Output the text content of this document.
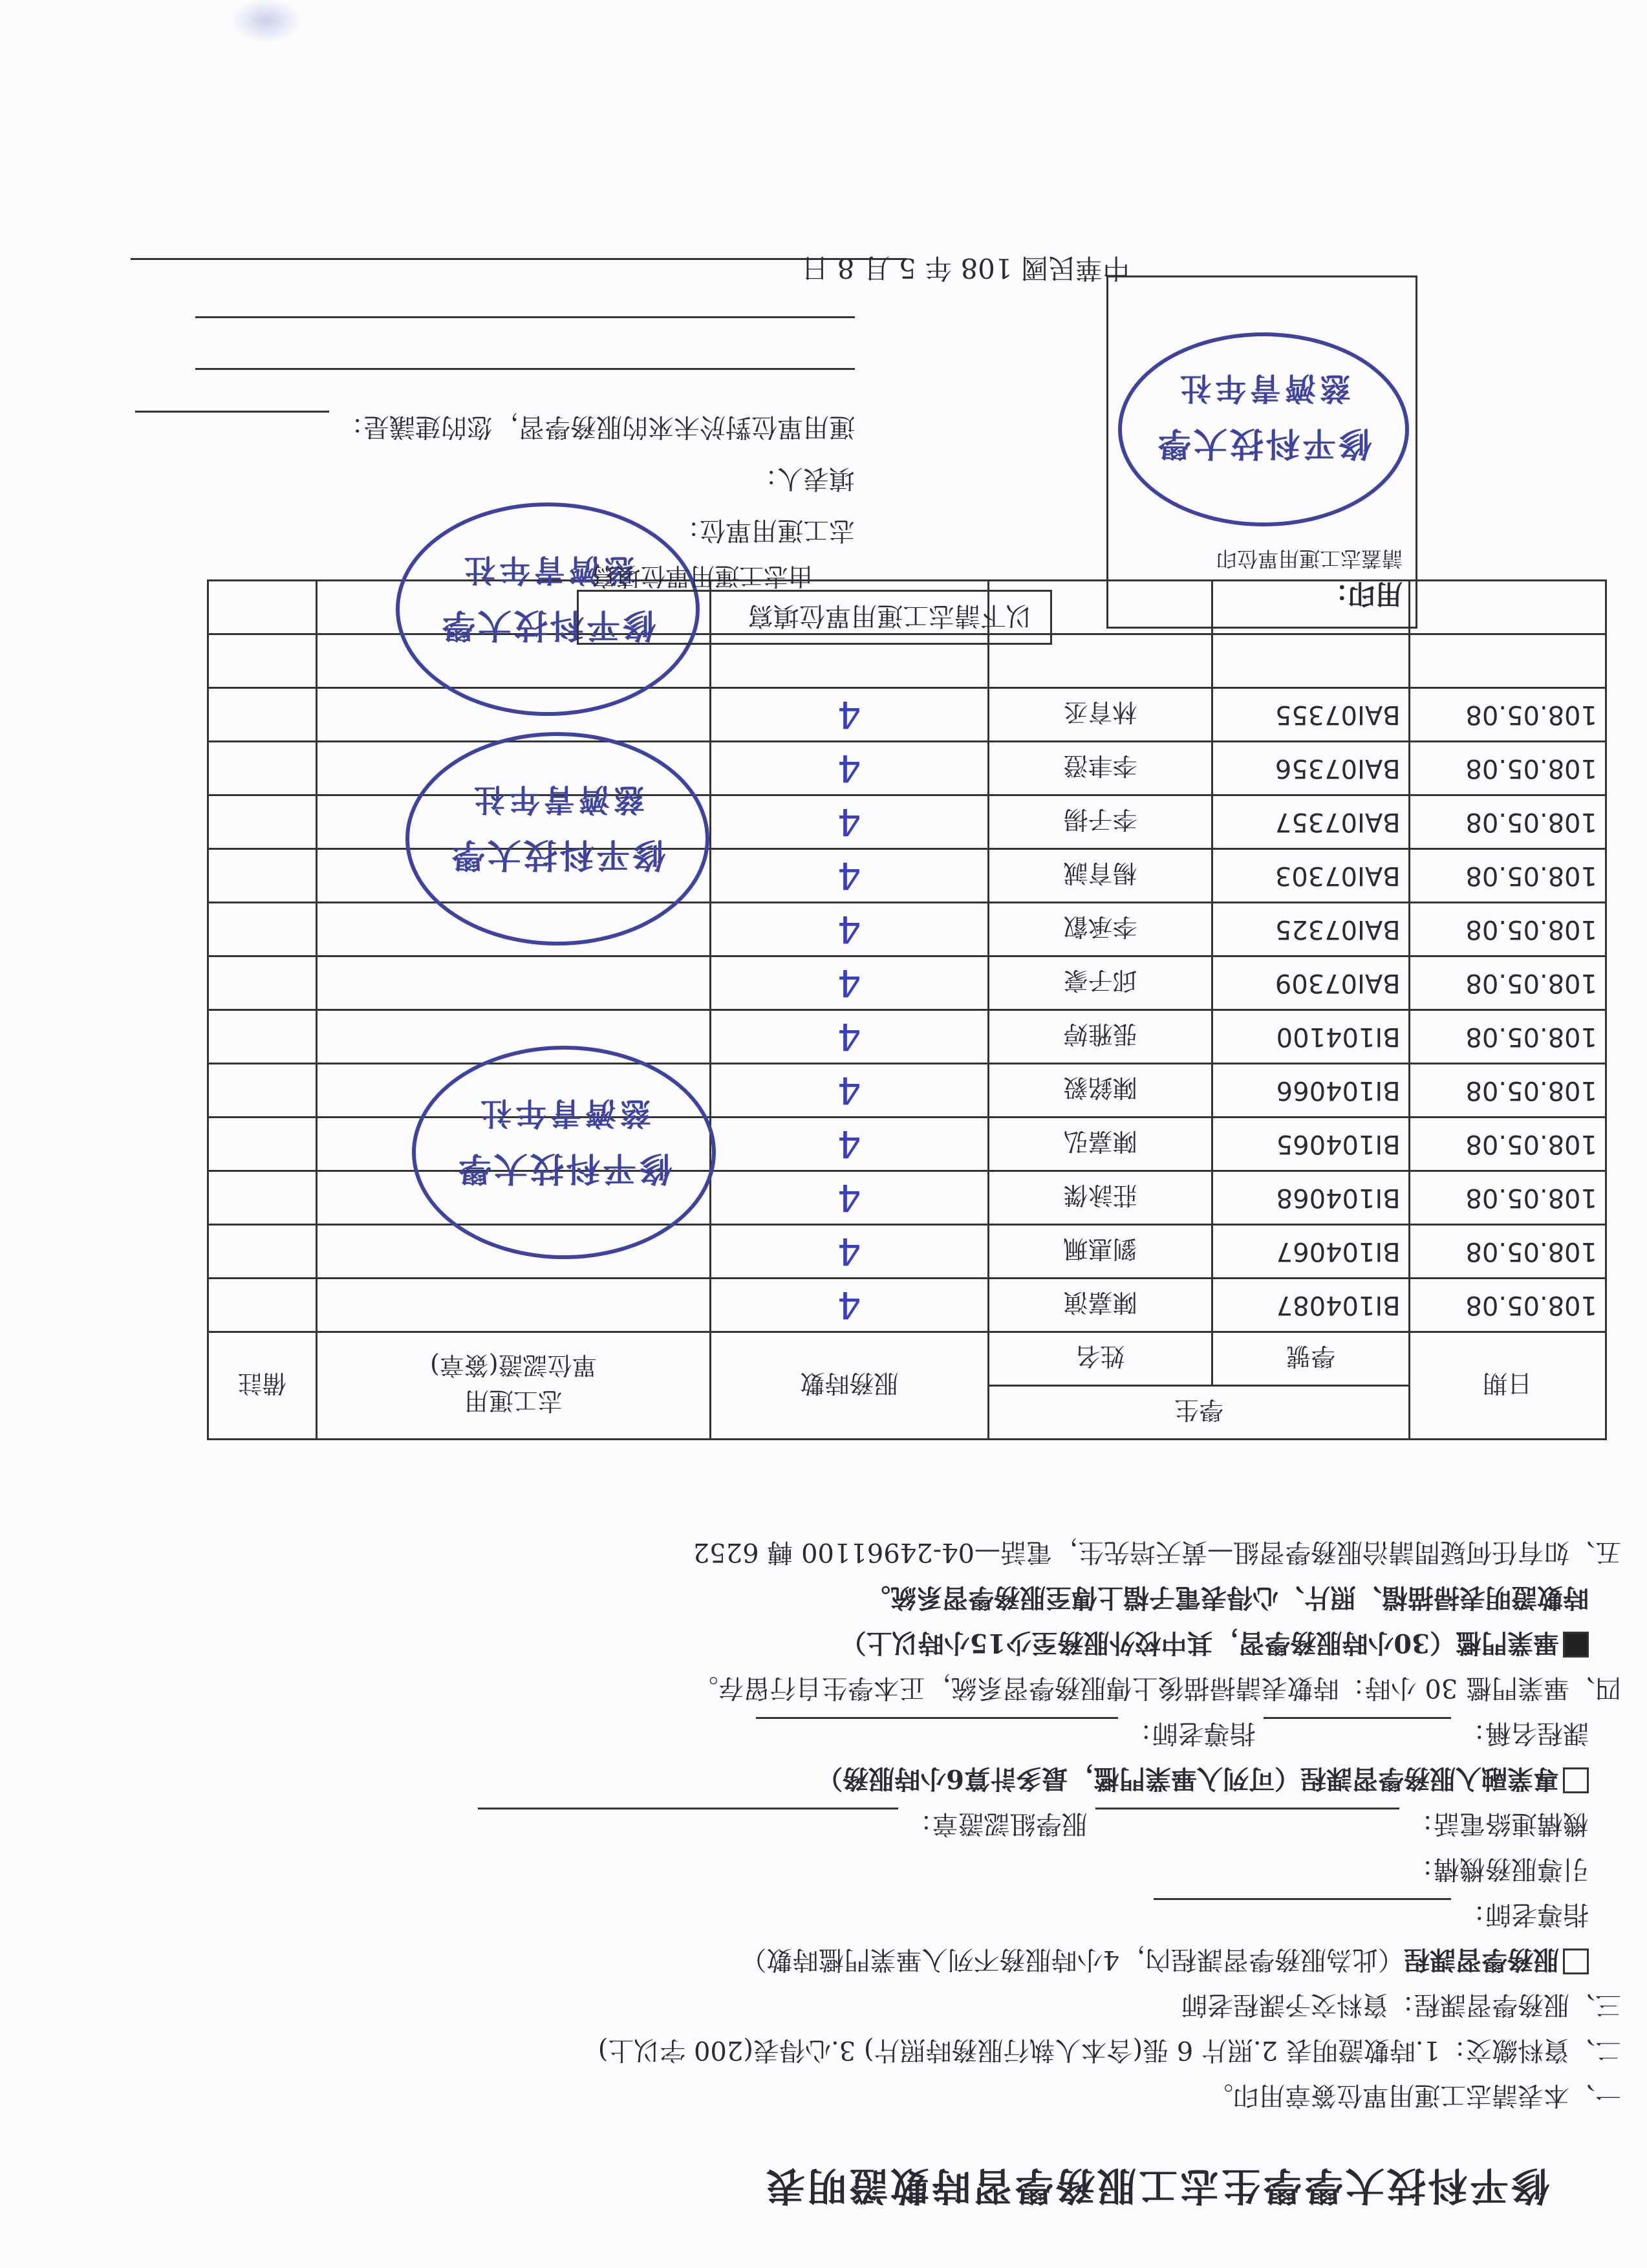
修平科技大學學生志工服務學習時數證明表
一、本表請志工運用單位簽章用印。
二、資料繳交：1.時數證明表 2.照片 6 張(含本人執行服務時照片) 3.心得表(200 字以上)
三、服務學習課程：資料交予課程老師
服務學習課程（此為服務學習課程內，4小時服務不列入畢業門檻時數）
指導老師：
引導服務機構：
機構連絡電話：  服學組認證章：
專業融入服務學習課程（可列入畢業門檻，最多計算6小時服務）
課程名稱：  指導老師：
四、畢業門檻 30 小時：時數表請掃描後上傳服務學習系統，正本學生自行留存。
畢業門檻（30小時服務學習，其中校外服務至少15小時以上）
時數證明表掃描檔、照片、心得表電子檔上傳至服務學習系統。
五、如有任何疑問請洽服務學習組—黃天培先生，電話—04-24961100 轉 6252
日期	學生		服務時數	志工運用
單位認證(簽章)	備註
	學號	姓名			
108.05.08	BI104087	陳嘉演	4		
108.05.08	BI104067	劉惠珮	4		
108.05.08	BI104068	莊詠傑	4		
108.05.08	BI104065	陳嘉弘	4		
108.05.08	BI104066	陳銘毅	4		
108.05.08	BI104100	張雅婷	4		
108.05.08	BAI07309	邱子豪	4		
108.05.08	BAI07325	李承叡	4		
108.05.08	BAI07303	楊育誠	4		
108.05.08	BAI07357	李子揚	4		
108.05.08	BAI07356	李聿澄	4		
108.05.08	BAI07355	林育丞	4		

修平科技大學
慈濟青年社
修平科技大學
慈濟青年社
修平科技大學
慈濟青年社
以下請志工運用單位填寫
由志工運用單位填寫
志工運用單位：
填表人：
運用單位對於未來的服務學習，您的建議是：
用印：
請蓋志工運用單位印
修平科技大學
慈濟青年社
中華民國 108 年 5 月 8 日
